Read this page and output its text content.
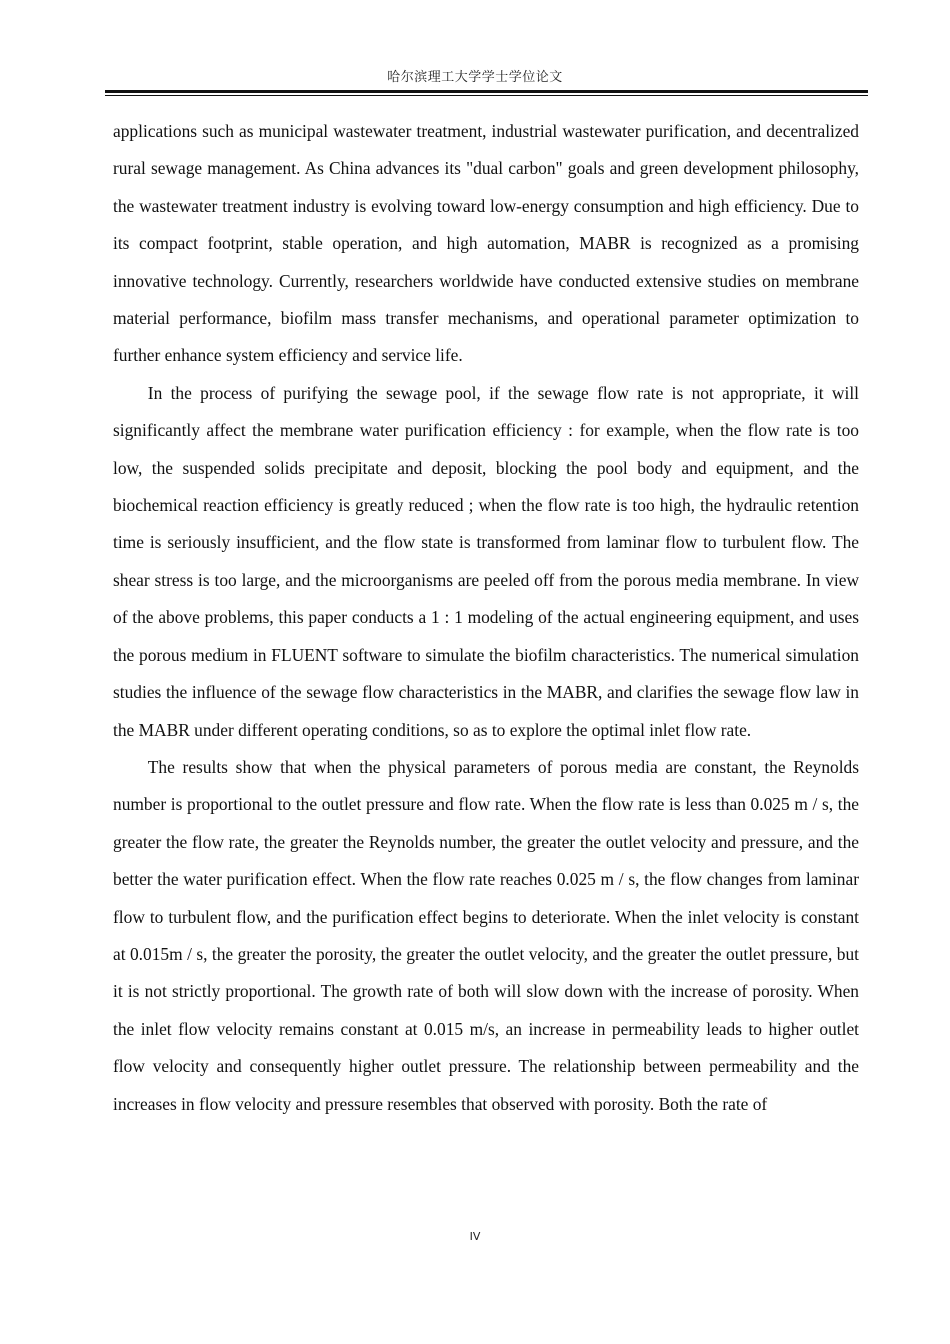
哈尔滨理工大学学士学位论文

applications such as municipal wastewater treatment, industrial wastewater purification, and decentralized rural sewage management. As China advances its "dual carbon" goals and green development philosophy, the wastewater treatment industry is evolving toward low-energy consumption and high efficiency. Due to its compact footprint, stable operation, and high automation, MABR is recognized as a promising innovative technology. Currently, researchers worldwide have conducted extensive studies on membrane material performance, biofilm mass transfer mechanisms, and operational parameter optimization to further enhance system efficiency and service life.

In the process of purifying the sewage pool, if the sewage flow rate is not appropriate, it will significantly affect the membrane water purification efficiency : for example, when the flow rate is too low, the suspended solids precipitate and deposit, blocking the pool body and equipment, and the biochemical reaction efficiency is greatly reduced ; when the flow rate is too high, the hydraulic retention time is seriously insufficient, and the flow state is transformed from laminar flow to turbulent flow. The shear stress is too large, and the microorganisms are peeled off from the porous media membrane. In view of the above problems, this paper conducts a 1 : 1 modeling of the actual engineering equipment, and uses the porous medium in FLUENT software to simulate the biofilm characteristics. The numerical simulation studies the influence of the sewage flow characteristics in the MABR, and clarifies the sewage flow law in the MABR under different operating conditions, so as to explore the optimal inlet flow rate.

The results show that when the physical parameters of porous media are constant, the Reynolds number is proportional to the outlet pressure and flow rate. When the flow rate is less than 0.025 m / s, the greater the flow rate, the greater the Reynolds number, the greater the outlet velocity and pressure, and the better the water purification effect. When the flow rate reaches 0.025 m / s, the flow changes from laminar flow to turbulent flow, and the purification effect begins to deteriorate. When the inlet velocity is constant at 0.015m / s, the greater the porosity, the greater the outlet velocity, and the greater the outlet pressure, but it is not strictly proportional. The growth rate of both will slow down with the increase of porosity. When the inlet flow velocity remains constant at 0.015 m/s, an increase in permeability leads to higher outlet flow velocity and consequently higher outlet pressure. The relationship between permeability and the increases in flow velocity and pressure resembles that observed with porosity. Both the rate of

IV
